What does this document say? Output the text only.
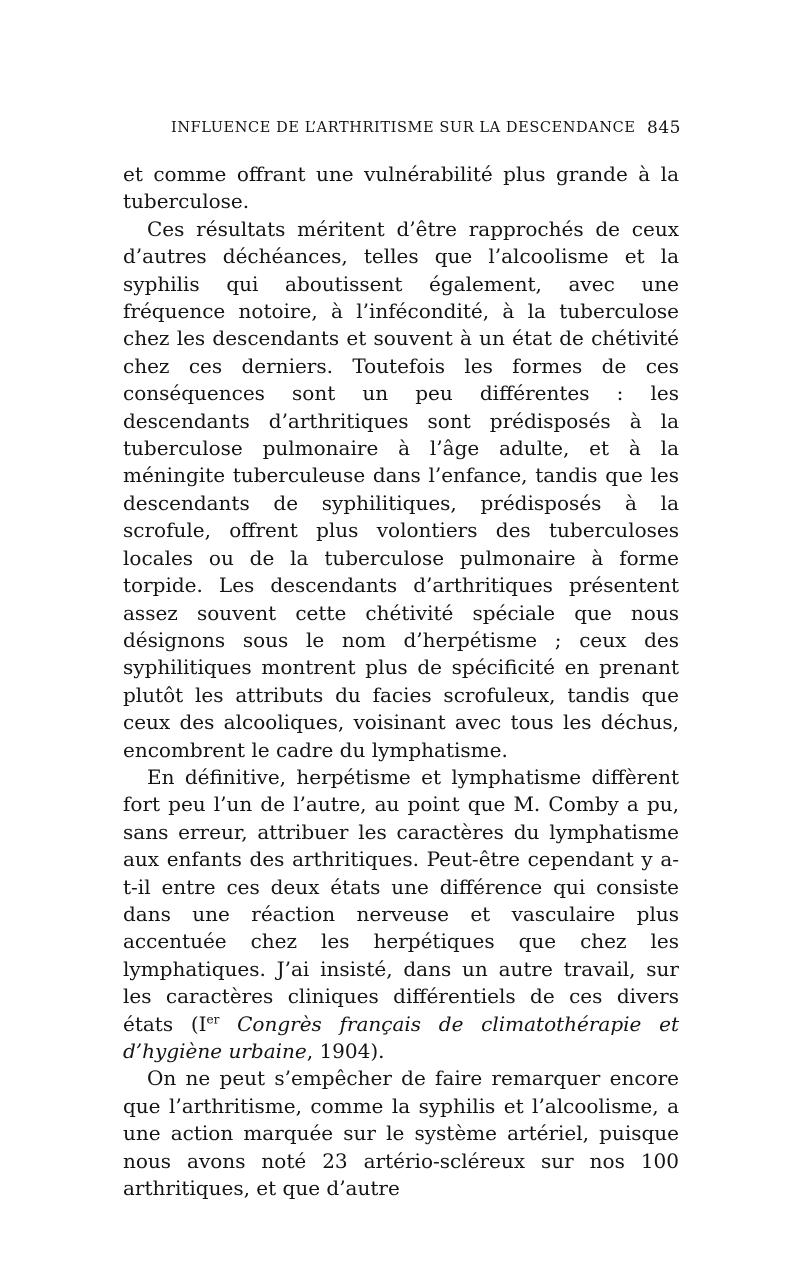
INFLUENCE DE L’ARTHRITISME SUR LA DESCENDANCE 845

et comme offrant une vulnérabilité plus grande à la tuberculose.

Ces résultats méritent d’être rapprochés de ceux d’autres déchéances, telles que l’alcoolisme et la syphilis qui aboutissent également, avec une fréquence notoire, à l’infécondité, à la tuberculose chez les descendants et souvent à un état de chétivité chez ces derniers. Toutefois les formes de ces conséquences sont un peu différentes : les descendants d’arthritiques sont prédisposés à la tuberculose pulmonaire à l’âge adulte, et à la méningite tuberculeuse dans l’enfance, tandis que les descendants de syphilitiques, prédisposés à la scrofule, offrent plus volontiers des tuberculoses locales ou de la tuberculose pulmonaire à forme torpide. Les descendants d’arthritiques présentent assez souvent cette chétivité spéciale que nous désignons sous le nom d’herpétisme ; ceux des syphilitiques montrent plus de spécificité en prenant plutôt les attributs du facies scrofuleux, tandis que ceux des alcooliques, voisinant avec tous les déchus, encombrent le cadre du lymphatisme.

En définitive, herpétisme et lymphatisme diffèrent fort peu l’un de l’autre, au point que M. Comby a pu, sans erreur, attribuer les caractères du lymphatisme aux enfants des arthritiques. Peut-être cependant y a-t-il entre ces deux états une différence qui consiste dans une réaction nerveuse et vasculaire plus accentuée chez les herpétiques que chez les lymphatiques. J’ai insisté, dans un autre travail, sur les caractères cliniques différentiels de ces divers états (Ier Congrès français de climatothérapie et d’hygiène urbaine, 1904).

On ne peut s’empêcher de faire remarquer encore que l’arthritisme, comme la syphilis et l’alcoolisme, a une action marquée sur le système artériel, puisque nous avons noté 23 artério-scléreux sur nos 100 arthritiques, et que d’autre
